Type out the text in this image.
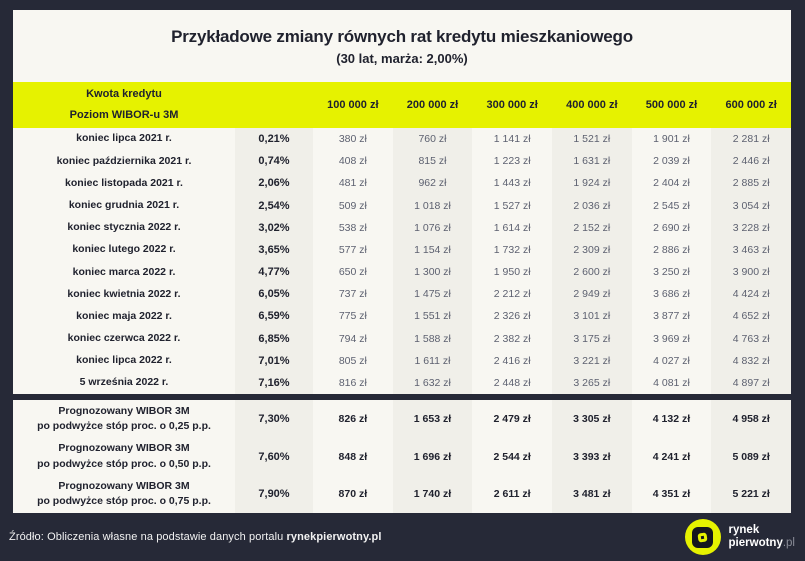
Przykładowe zmiany równych rat kredytu mieszkaniowego
(30 lat, marża: 2,00%)
Kwota kredytu
Poziom WIBOR-u 3M
100 000 zł	200 000 zł	300 000 zł	400 000 zł	500 000 zł	600 000 zł
koniec lipca 2021 r.	0,21%	380 zł	760 zł	1 141 zł	1 521 zł	1 901 zł	2 281 zł
koniec października 2021 r.	0,74%	408 zł	815 zł	1 223 zł	1 631 zł	2 039 zł	2 446 zł
koniec listopada 2021 r.	2,06%	481 zł	962 zł	1 443 zł	1 924 zł	2 404 zł	2 885 zł
koniec grudnia 2021 r.	2,54%	509 zł	1 018 zł	1 527 zł	2 036 zł	2 545 zł	3 054 zł
koniec stycznia 2022 r.	3,02%	538 zł	1 076 zł	1 614 zł	2 152 zł	2 690 zł	3 228 zł
koniec lutego 2022 r.	3,65%	577 zł	1 154 zł	1 732 zł	2 309 zł	2 886 zł	3 463 zł
koniec marca 2022 r.	4,77%	650 zł	1 300 zł	1 950 zł	2 600 zł	3 250 zł	3 900 zł
koniec kwietnia 2022 r.	6,05%	737 zł	1 475 zł	2 212 zł	2 949 zł	3 686 zł	4 424 zł
koniec maja 2022 r.	6,59%	775 zł	1 551 zł	2 326 zł	3 101 zł	3 877 zł	4 652 zł
koniec czerwca 2022 r.	6,85%	794 zł	1 588 zł	2 382 zł	3 175 zł	3 969 zł	4 763 zł
koniec lipca 2022 r.	7,01%	805 zł	1 611 zł	2 416 zł	3 221 zł	4 027 zł	4 832 zł
5 września 2022 r.	7,16%	816 zł	1 632 zł	2 448 zł	3 265 zł	4 081 zł	4 897 zł
Prognozowany WIBOR 3M
po podwyżce stóp proc. o 0,25 p.p.
7,30%	826 zł	1 653 zł	2 479 zł	3 305 zł	4 132 zł	4 958 zł
Prognozowany WIBOR 3M
po podwyżce stóp proc. o 0,50 p.p.
7,60%	848 zł	1 696 zł	2 544 zł	3 393 zł	4 241 zł	5 089 zł
Prognozowany WIBOR 3M
po podwyżce stóp proc. o 0,75 p.p.
7,90%	870 zł	1 740 zł	2 611 zł	3 481 zł	4 351 zł	5 221 zł
Źródło: Obliczenia własne na podstawie danych portalu rynekpierwotny.pl
rynek
pierwotny.pl
